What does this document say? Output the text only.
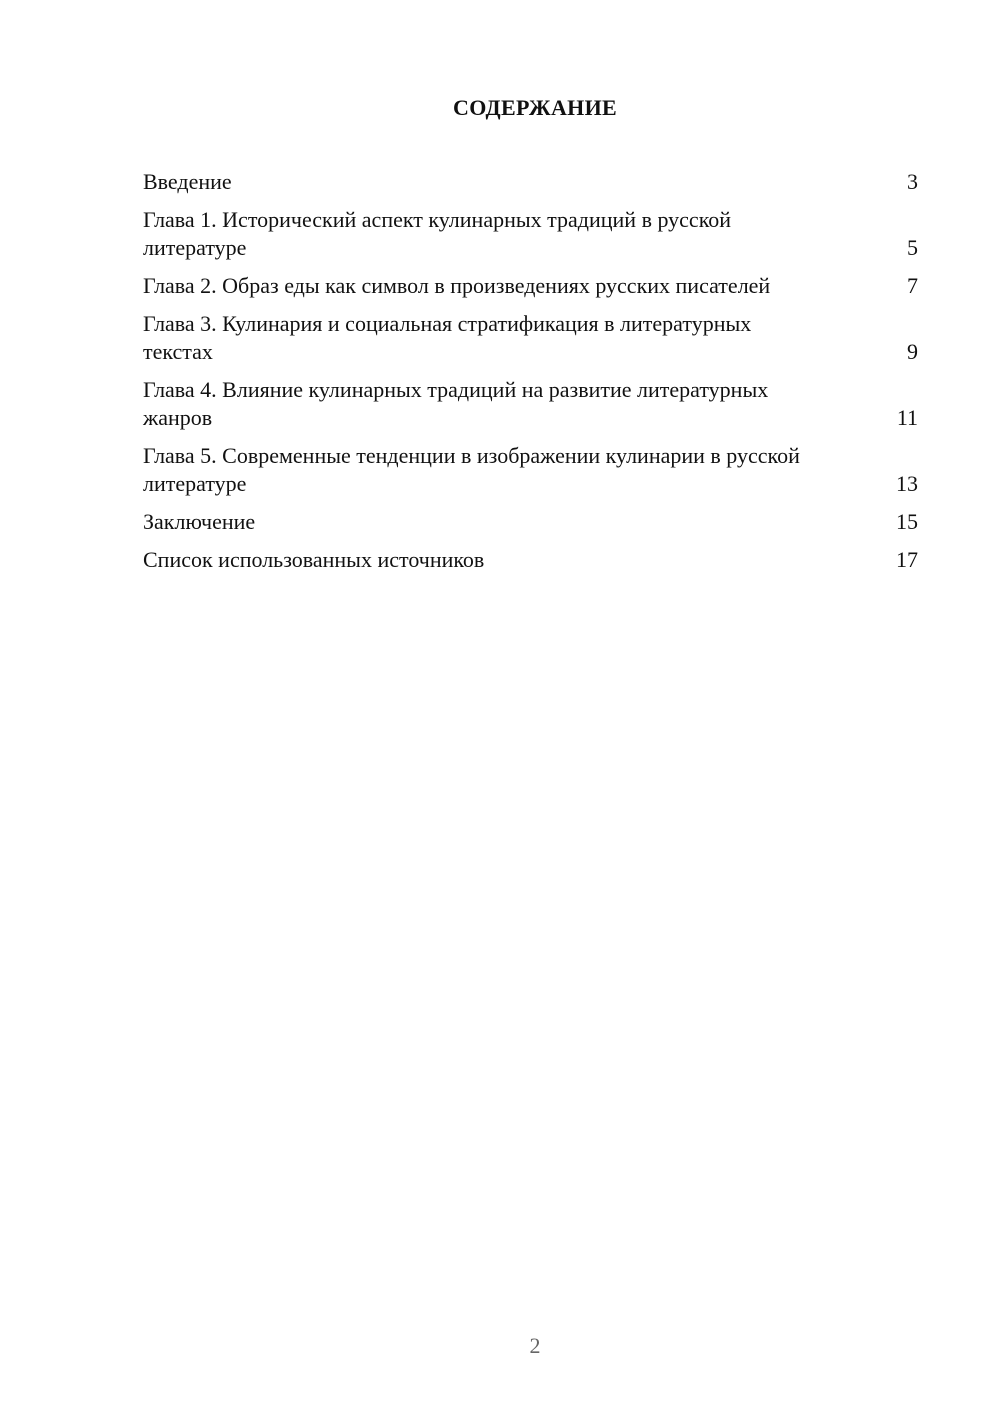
СОДЕРЖАНИЕ
Введение	3
Глава 1. Исторический аспект кулинарных традиций в русской литературе	5
Глава 2. Образ еды как символ в произведениях русских писателей	7
Глава 3. Кулинария и социальная стратификация в литературных текстах	9
Глава 4. Влияние кулинарных традиций на развитие литературных жанров	11
Глава 5. Современные тенденции в изображении кулинарии в русской литературе	13
Заключение	15
Список использованных источников	17
2
